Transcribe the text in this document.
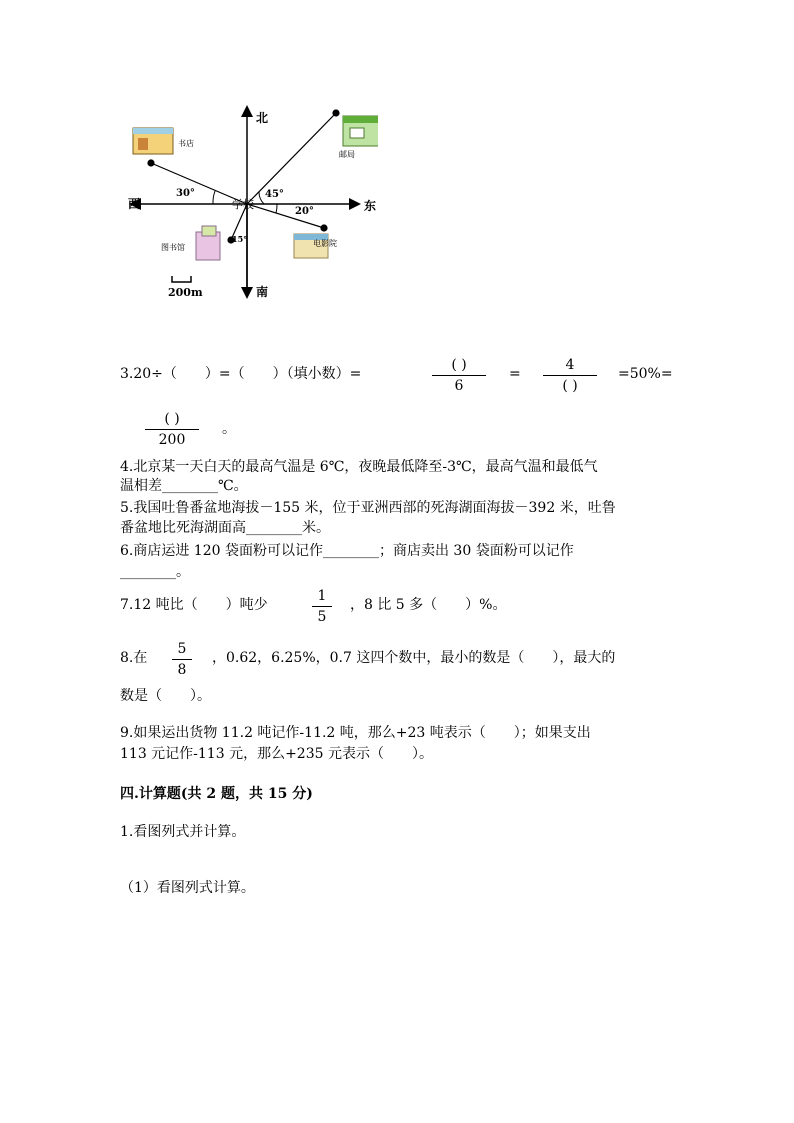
北
南
东
西	学校
30°	45°
20°
15°
书店
邮局
图书馆	电影院
200m
3.20÷（　　）=（　　）（填小数）=
( )
6
=
4
( )
=50%=
( )
200
。
4.北京某一天白天的最高气温是 6℃，夜晚最低降至-3℃，最高气温和最低气
温相差________℃。
5.我国吐鲁番盆地海拔－155 米，位于亚洲西部的死海湖面海拔－392 米，吐鲁
番盆地比死海湖面高________米。
6.商店运进 120 袋面粉可以记作________；商店卖出 30 袋面粉可以记作
________。
7.12 吨比（　　）吨少
1
5
，8 比 5 多（　　）%。
8.在
5
8
，0.62，6.25%，0.7 这四个数中，最小的数是（　　），最大的
数是（　　）。
9.如果运出货物 11.2 吨记作-11.2 吨，那么+23 吨表示（　　）；如果支出
113 元记作-113 元，那么+235 元表示（　　）。
四.计算题(共 2 题，共 15 分)
1.看图列式并计算。
（1）看图列式计算。
